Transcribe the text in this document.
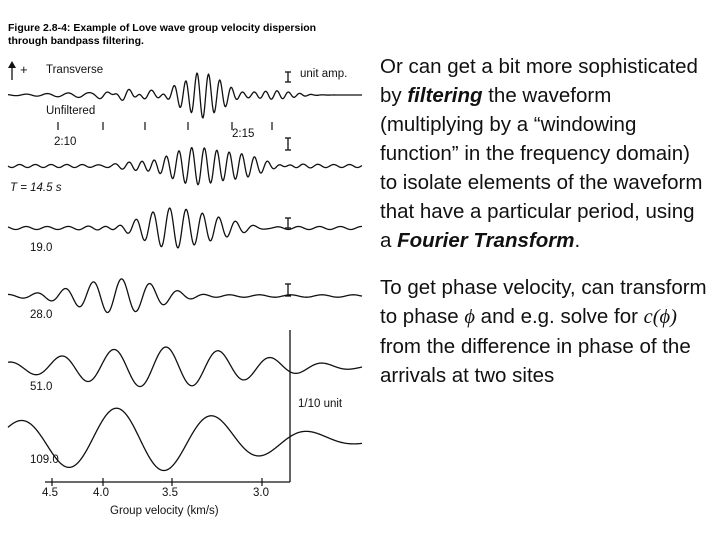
Figure 2.8-4: Example of Love wave group velocity dispersion
through bandpass filtering.
+ Transverse	unit amp.
Unfiltered
2:15
2:10
T = 14.5 s
19.0
28.0
51.0
109.0
1/10 unit
4.5	4.0	3.5	3.0
Group velocity (km/s)

Or can get a bit more sophisticated by filtering the waveform (multiplying by a “windowing function” in the frequency domain) to isolate elements of the waveform that have a particular period, using a Fourier Transform.

To get phase velocity, can transform to phase ϕ and e.g. solve for c(ϕ) from the difference in phase of the arrivals at two sites
